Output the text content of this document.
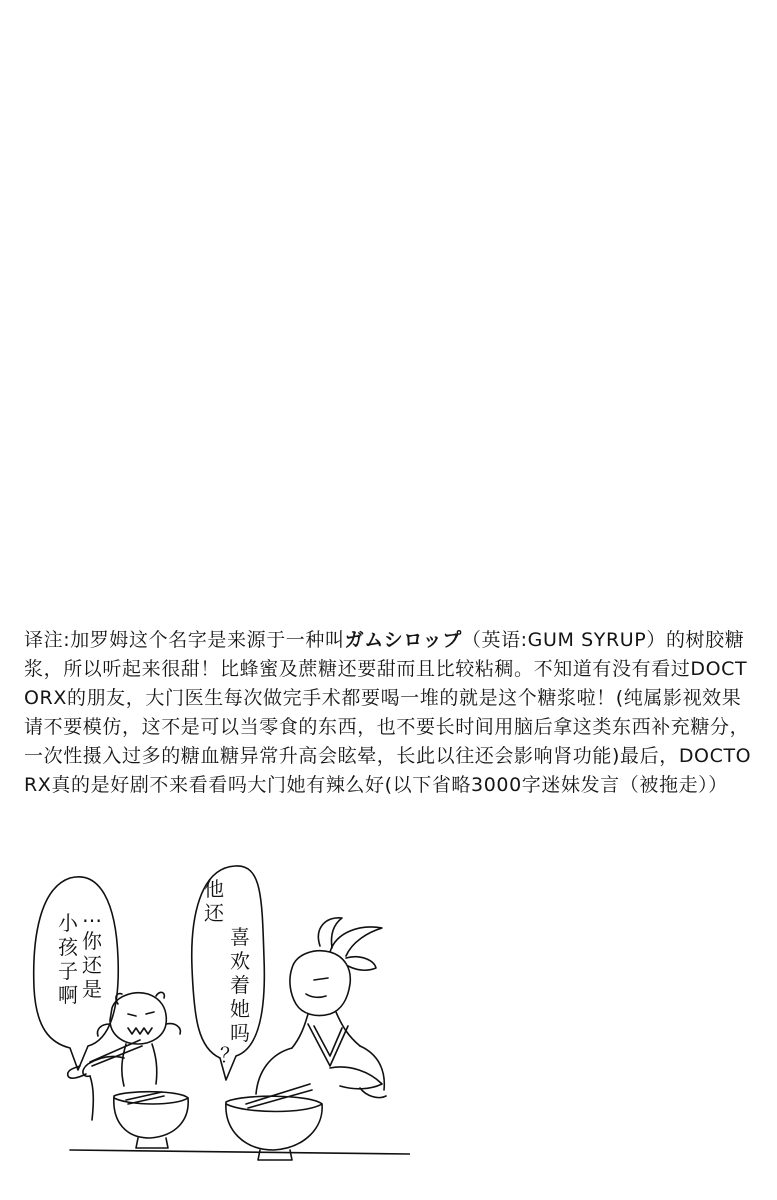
译注:加罗姆这个名字是来源于一种叫ガムシロップ（英语:GUM SYRUP）的树胶糖浆，所以听起来很甜！比蜂蜜及蔗糖还要甜而且比较粘稠。不知道有没有看过DOCTORX的朋友，大门医生每次做完手术都要喝一堆的就是这个糖浆啦！(纯属影视效果请不要模仿，这不是可以当零食的东西，也不要长时间用脑后拿这类东西补充糖分，一次性摄入过多的糖血糖异常升高会眩晕，长此以往还会影响肾功能)最后，DOCTORX真的是好剧不来看看吗大门她有辣么好(以下省略3000字迷妹发言（被拖走））
…
你
还
是
小
孩
子
啊
他
还
喜
欢
着
她
吗
？
